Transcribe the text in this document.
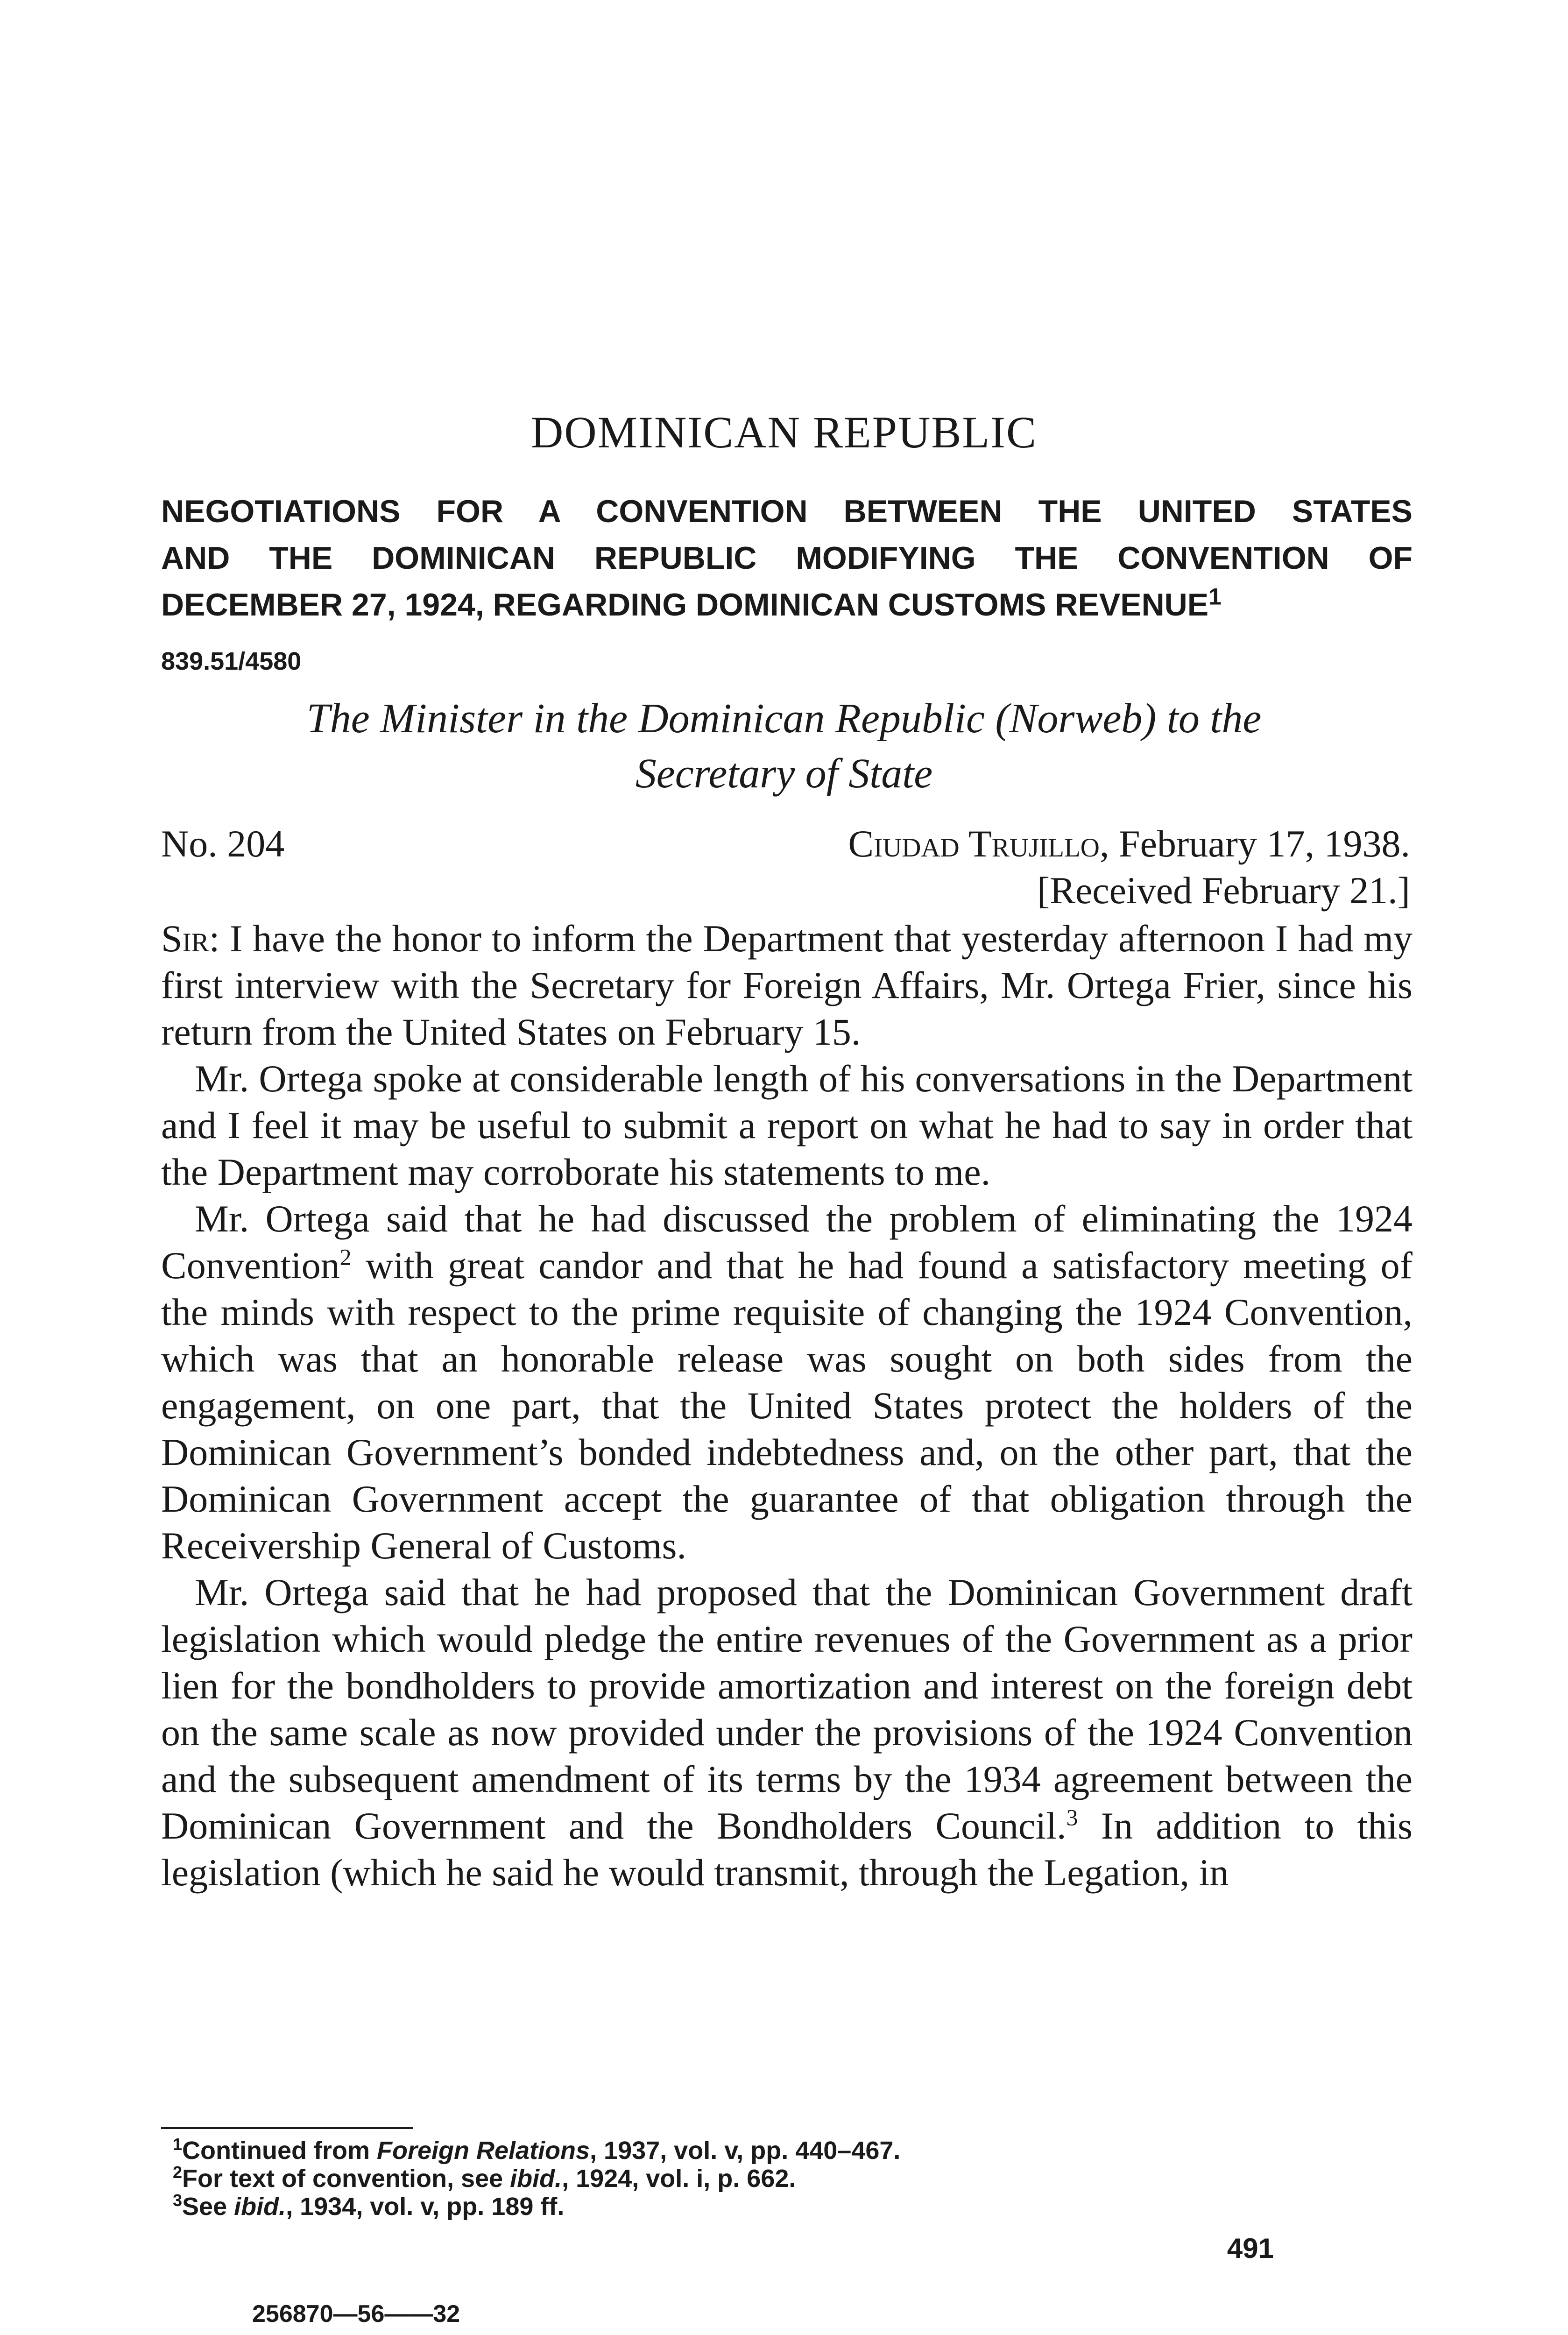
DOMINICAN REPUBLIC
NEGOTIATIONS FOR A CONVENTION BETWEEN THE UNITED STATES
AND THE DOMINICAN REPUBLIC MODIFYING THE CONVENTION OF
DECEMBER 27, 1924, REGARDING DOMINICAN CUSTOMS REVENUE$^1$
839.51/4580
The Minister in the Dominican Republic (Norweb) to the
Secretary of State
No. 204	Ciudad Trujillo, February 17, 1938.
[Received February 21.]

Sir: I have the honor to inform the Department that yesterday afternoon I had my first interview with the Secretary for Foreign Affairs, Mr. Ortega Frier, since his return from the United States on February 15.

Mr. Ortega spoke at considerable length of his conversations in the Department and I feel it may be useful to submit a report on what he had to say in order that the Department may corroborate his statements to me.

Mr. Ortega said that he had discussed the problem of eliminating the 1924 Convention$^2$ with great candor and that he had found a satisfactory meeting of the minds with respect to the prime requisite of changing the 1924 Convention, which was that an honorable release was sought on both sides from the engagement, on one part, that the United States protect the holders of the Dominican Government’s bonded indebtedness and, on the other part, that the Dominican Government accept the guarantee of that obligation through the Receivership General of Customs.

Mr. Ortega said that he had proposed that the Dominican Government draft legislation which would pledge the entire revenues of the Government as a prior lien for the bondholders to provide amortization and interest on the foreign debt on the same scale as now provided under the provisions of the 1924 Convention and the subsequent amendment of its terms by the 1934 agreement between the Dominican Government and the Bondholders Council.$^3$ In addition to this legislation (which he said he would transmit, through the Legation, in

$^1$Continued from Foreign Relations, 1937, vol. v, pp. 440–467.
$^2$For text of convention, see ibid., 1924, vol. i, p. 662.
$^3$See ibid., 1934, vol. v, pp. 189 ff.
491
256870—56——32
